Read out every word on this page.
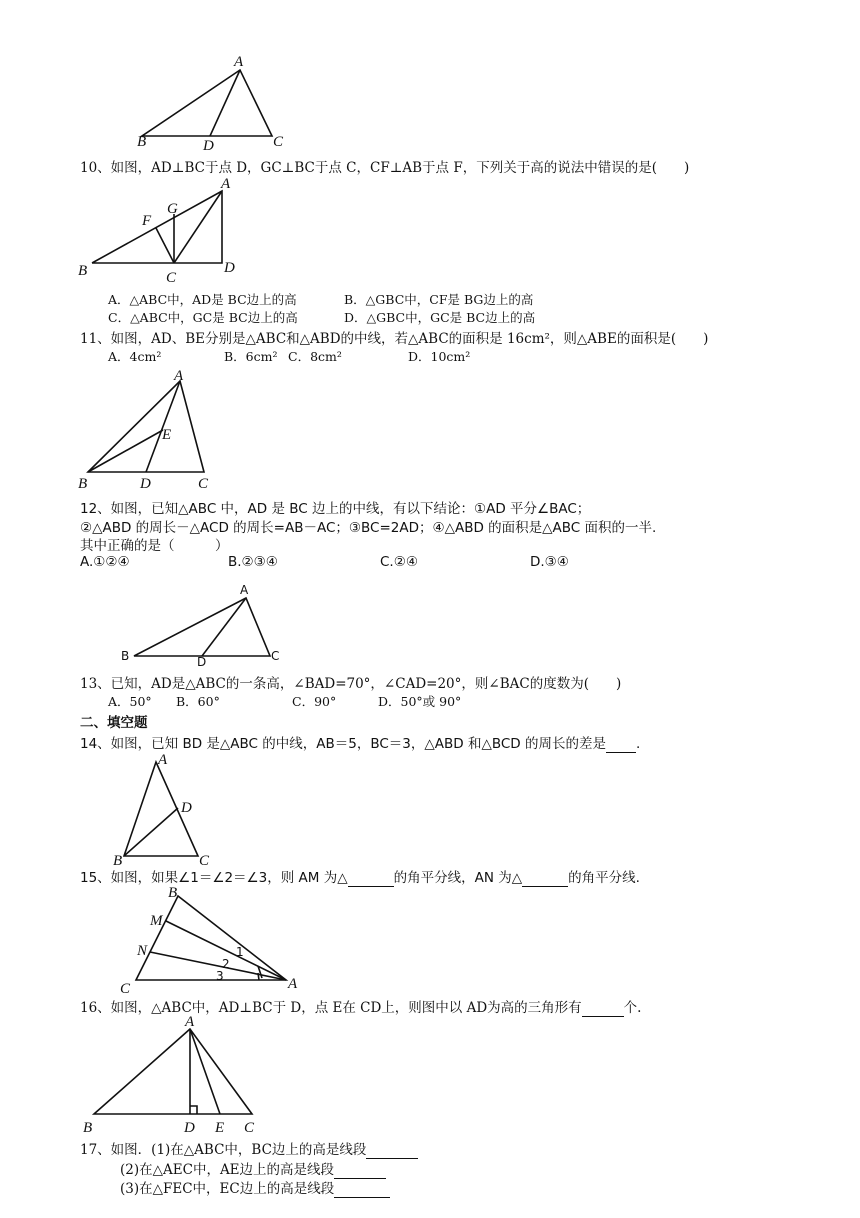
A
B	D	C
10、如图，AD⊥BC于点 D，GC⊥BC于点 C，CF⊥AB于点 F，下列关于高的说法中错误的是(　　)
A
G
F
B	C
D
A．△ABC中，AD是 BC边上的高	B．△GBC中，CF是 BG边上的高
C．△ABC中，GC是 BC边上的高	D．△GBC中，GC是 BC边上的高
11、如图，AD、BE分别是△ABC和△ABD的中线，若△ABC的面积是 16cm²，则△ABE的面积是(　　)
A．4cm²	B．6cm² C．8cm²	D．10cm²
A
E
B	D	C
12、如图，已知△ABC 中，AD 是 BC 边上的中线，有以下结论：①AD 平分∠BAC；
②△ABD 的周长－△ACD 的周长=AB－AC；③BC=2AD；④△ABD 的面积是△ABC 面积的一半.
其中正确的是（　　　）
A.①②④	B.②③④	C.②④	D.③④
A
B	D	C
13、已知，AD是△ABC的一条高，∠BAD=70°，∠CAD=20°，则∠BAC的度数为(　　)
A．50° B．60°	C．90°	D．50°或 90°
二、填空题
14、如图，已知 BD 是△ABC 的中线，AB＝5，BC＝3，△ABD 和△BCD 的周长的差是 .
A
D
B	C
15、如图，如果∠1＝∠2＝∠3，则 AM 为△	的角平分线，AN 为△	的角平分线.
B
M
N
C	A
1
2
3
16、如图，△ABC中，AD⊥BC于 D，点 E在 CD上，则图中以 AD为高的三角形有	个.
A
B	D E C
17、如图．(1)在△ABC中，BC边上的高是线段
(2)在△AEC中，AE边上的高是线段
(3)在△FEC中，EC边上的高是线段
